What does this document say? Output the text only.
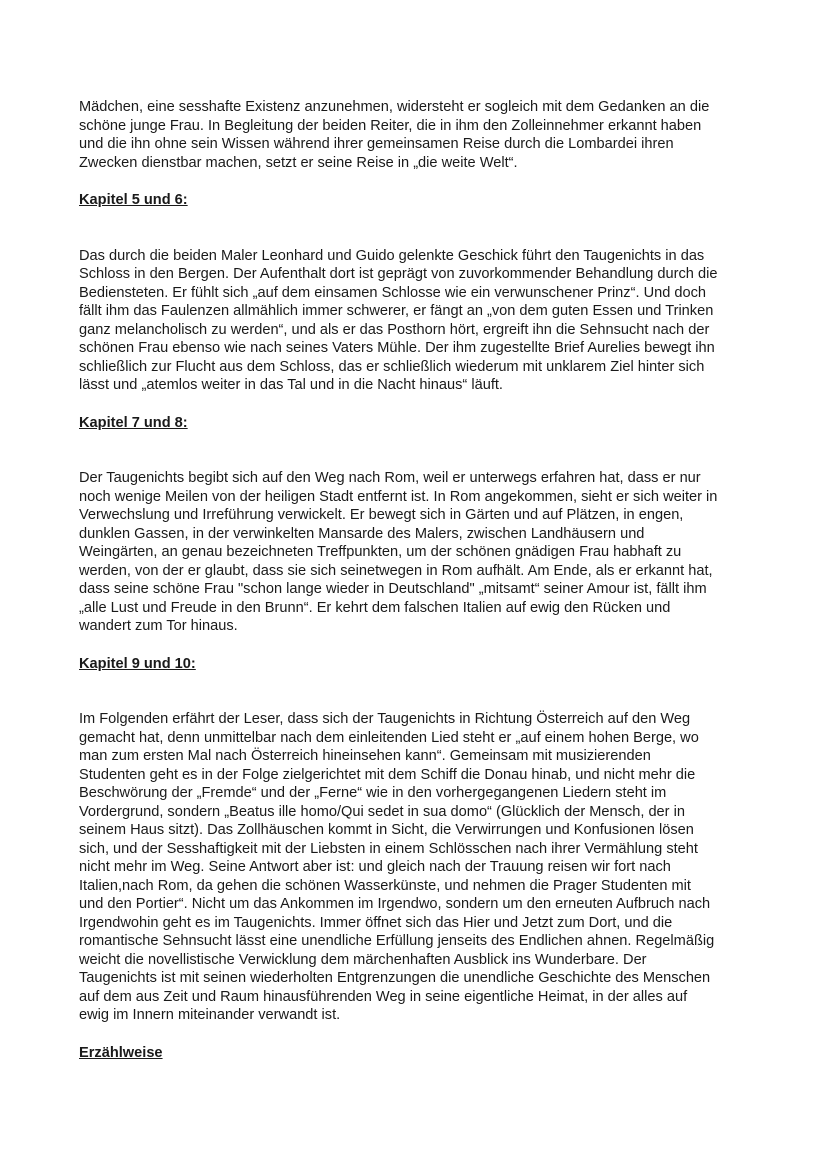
Mädchen, eine sesshafte Existenz anzunehmen, widersteht er sogleich mit dem Gedanken an die
schöne junge Frau. In Begleitung der beiden Reiter, die in ihm den Zolleinnehmer erkannt haben
und die ihn ohne sein Wissen während ihrer gemeinsamen Reise durch die Lombardei ihren
Zwecken dienstbar machen, setzt er seine Reise in „die weite Welt“.

Kapitel 5 und 6:

Das durch die beiden Maler Leonhard und Guido gelenkte Geschick führt den Taugenichts in das
Schloss in den Bergen. Der Aufenthalt dort ist geprägt von zuvorkommender Behandlung durch die
Bediensteten. Er fühlt sich „auf dem einsamen Schlosse wie ein verwunschener Prinz“. Und doch
fällt ihm das Faulenzen allmählich immer schwerer, er fängt an „von dem guten Essen und Trinken
ganz melancholisch zu werden“, und als er das Posthorn hört, ergreift ihn die Sehnsucht nach der
schönen Frau ebenso wie nach seines Vaters Mühle. Der ihm zugestellte Brief Aurelies bewegt ihn
schließlich zur Flucht aus dem Schloss, das er schließlich wiederum mit unklarem Ziel hinter sich
lässt und „atemlos weiter in das Tal und in die Nacht hinaus“ läuft.

Kapitel 7 und 8:

Der Taugenichts begibt sich auf den Weg nach Rom, weil er unterwegs erfahren hat, dass er nur
noch wenige Meilen von der heiligen Stadt entfernt ist. In Rom angekommen, sieht er sich weiter in
Verwechslung und Irreführung verwickelt. Er bewegt sich in Gärten und auf Plätzen, in engen,
dunklen Gassen, in der verwinkelten Mansarde des Malers, zwischen Landhäusern und
Weingärten, an genau bezeichneten Treffpunkten, um der schönen gnädigen Frau habhaft zu
werden, von der er glaubt, dass sie sich seinetwegen in Rom aufhält. Am Ende, als er erkannt hat,
dass seine schöne Frau "schon lange wieder in Deutschland" „mitsamt“ seiner Amour ist, fällt ihm
„alle Lust und Freude in den Brunn“. Er kehrt dem falschen Italien auf ewig den Rücken und
wandert zum Tor hinaus.

Kapitel 9 und 10:

Im Folgenden erfährt der Leser, dass sich der Taugenichts in Richtung Österreich auf den Weg
gemacht hat, denn unmittelbar nach dem einleitenden Lied steht er „auf einem hohen Berge, wo
man zum ersten Mal nach Österreich hineinsehen kann“. Gemeinsam mit musizierenden
Studenten geht es in der Folge zielgerichtet mit dem Schiff die Donau hinab, und nicht mehr die
Beschwörung der „Fremde“ und der „Ferne“ wie in den vorhergegangenen Liedern steht im
Vordergrund, sondern „Beatus ille homo/Qui sedet in sua domo“ (Glücklich der Mensch, der in
seinem Haus sitzt). Das Zollhäuschen kommt in Sicht, die Verwirrungen und Konfusionen lösen
sich, und der Sesshaftigkeit mit der Liebsten in einem Schlösschen nach ihrer Vermählung steht
nicht mehr im Weg. Seine Antwort aber ist: und gleich nach der Trauung reisen wir fort nach
Italien,nach Rom, da gehen die schönen Wasserkünste, und nehmen die Prager Studenten mit
und den Portier“. Nicht um das Ankommen im Irgendwo, sondern um den erneuten Aufbruch nach
Irgendwohin geht es im Taugenichts. Immer öffnet sich das Hier und Jetzt zum Dort, und die
romantische Sehnsucht lässt eine unendliche Erfüllung jenseits des Endlichen ahnen. Regelmäßig
weicht die novellistische Verwicklung dem märchenhaften Ausblick ins Wunderbare. Der
Taugenichts ist mit seinen wiederholten Entgrenzungen die unendliche Geschichte des Menschen
auf dem aus Zeit und Raum hinausführenden Weg in seine eigentliche Heimat, in der alles auf
ewig im Innern miteinander verwandt ist.

Erzählweise
